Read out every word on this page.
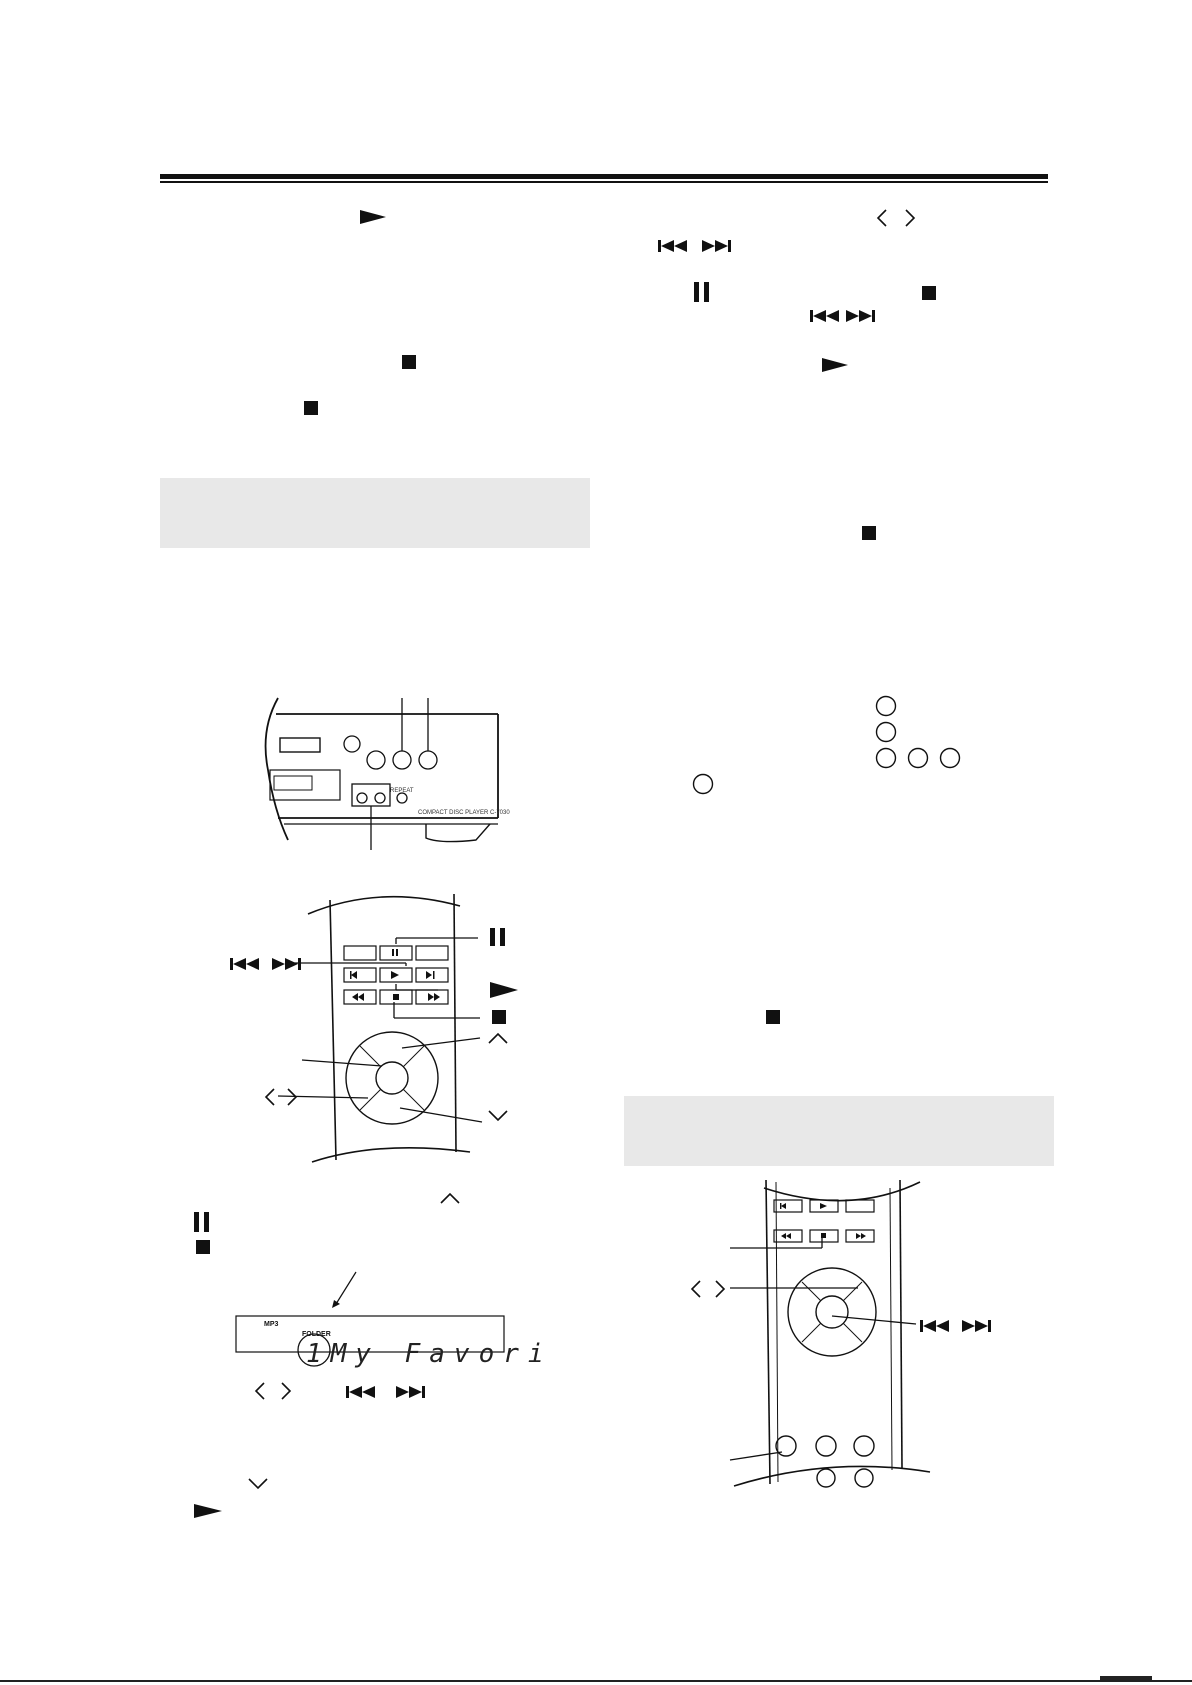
REPEAT
COMPACT DISC PLAYER C-7030
MP3
FOLDER
1My Favori
